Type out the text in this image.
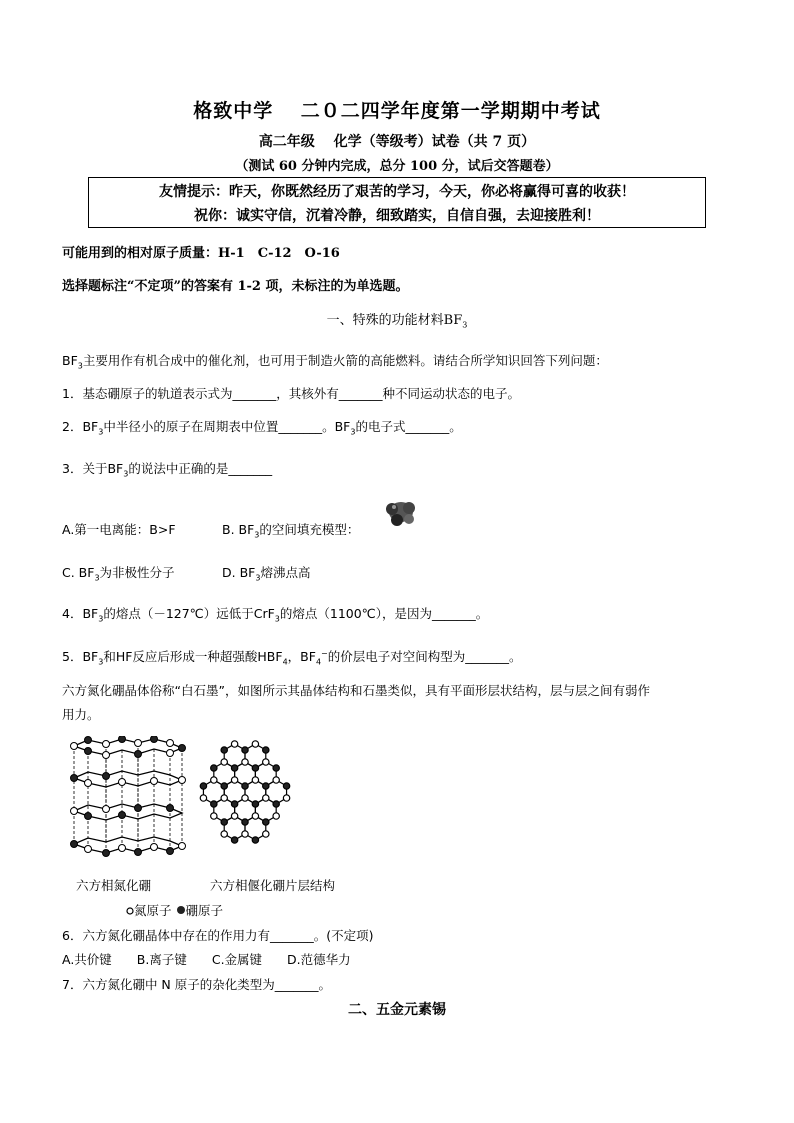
格致中学　 二０二四学年度第一学期期中考试
高二年级　 化学（等级考）试卷（共 7 页）
（测试 60 分钟内完成，总分 100 分，试后交答题卷）
友情提示：昨天，你既然经历了艰苦的学习，今天，你必将赢得可喜的收获！
祝你：诚实守信，沉着冷静，细致踏实，自信自强，去迎接胜利！
可能用到的相对原子质量：H-1　C-12　O-16
选择题标注“不定项”的答案有 1-2 项，未标注的为单选题。
一、特殊的功能材料$BF_3$
$BF_3$主要用作有机合成中的催化剂，也可用于制造火箭的高能燃料。请结合所学知识回答下列问题：
1．基态硼原子的轨道表示式为_______，其核外有_______种不同运动状态的电子。
2．$BF_3$中半径小的原子在周期表中位置_______。$BF_3$的电子式_______。
3．关于$BF_3$的说法中正确的是_______
A.第一电离能：B>F	B. $BF_3$的空间填充模型：
C. $BF_3$为非极性分子	D. $BF_3$熔沸点高
4．$BF_3$的熔点（－127℃）远低于CrF$_3$的熔点（1100℃），是因为_______。
5．$BF_3$和HF反应后形成一种超强酸$HBF_4$，$BF_4^-$的价层电子对空间构型为_______。
六方氮化硼晶体俗称“白石墨”，如图所示其晶体结构和石墨类似，具有平面形层状结构，层与层之间有弱作
用力。
六方相氮化硼	六方相偃化硼片层结构
氮原子 硼原子
6．六方氮化硼晶体中存在的作用力有_______。(不定项)
A.共价键　　B.离子键　　C.金属键　　D.范德华力
7．六方氮化硼中 N 原子的杂化类型为_______。
二、五金元素锡
